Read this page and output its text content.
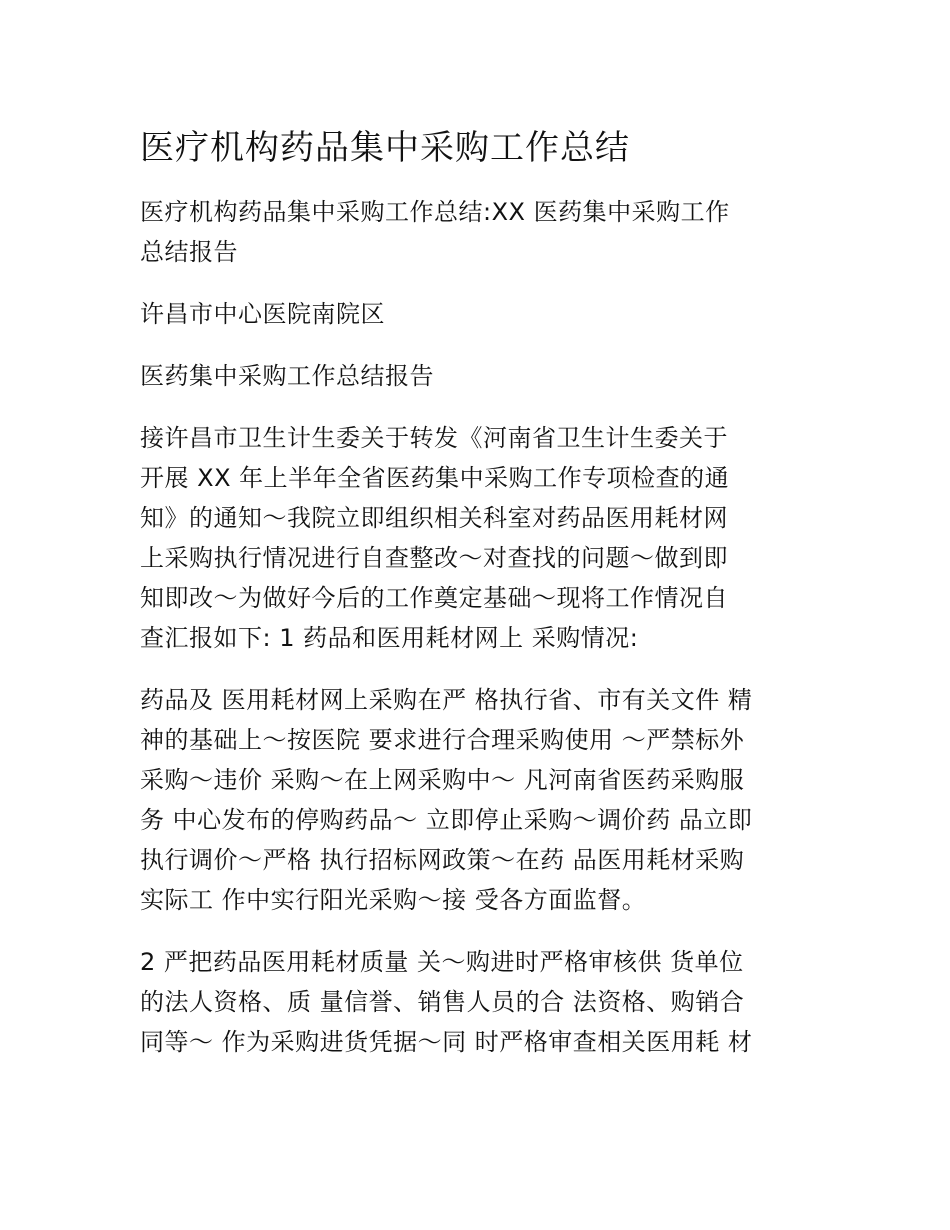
医疗机构药品集中采购工作总结

医疗机构药品集中采购工作总结:XX 医药集中采购工作
总结报告

许昌市中心医院南院区

医药集中采购工作总结报告

接许昌市卫生计生委关于转发《河南省卫生计生委关于
开展 XX 年上半年全省医药集中采购工作专项检查的通
知》的通知～我院立即组织相关科室对药品医用耗材网
上采购执行情况进行自查整改～对查找的问题～做到即
知即改～为做好今后的工作奠定基础～现将工作情况自
查汇报如下: 1 药品和医用耗材网上 采购情况:

药品及 医用耗材网上采购在严 格执行省、市有关文件 精
神的基础上～按医院 要求进行合理采购使用 ～严禁标外
采购～违价 采购～在上网采购中～ 凡河南省医药采购服
务 中心发布的停购药品～ 立即停止采购～调价药 品立即
执行调价～严格 执行招标网政策～在药 品医用耗材采购
实际工 作中实行阳光采购～接 受各方面监督。

2 严把药品医用耗材质量 关～购进时严格审核供 货单位
的法人资格、质 量信誉、销售人员的合 法资格、购销合
同等～ 作为采购进货凭据～同 时严格审查相关医用耗 材
